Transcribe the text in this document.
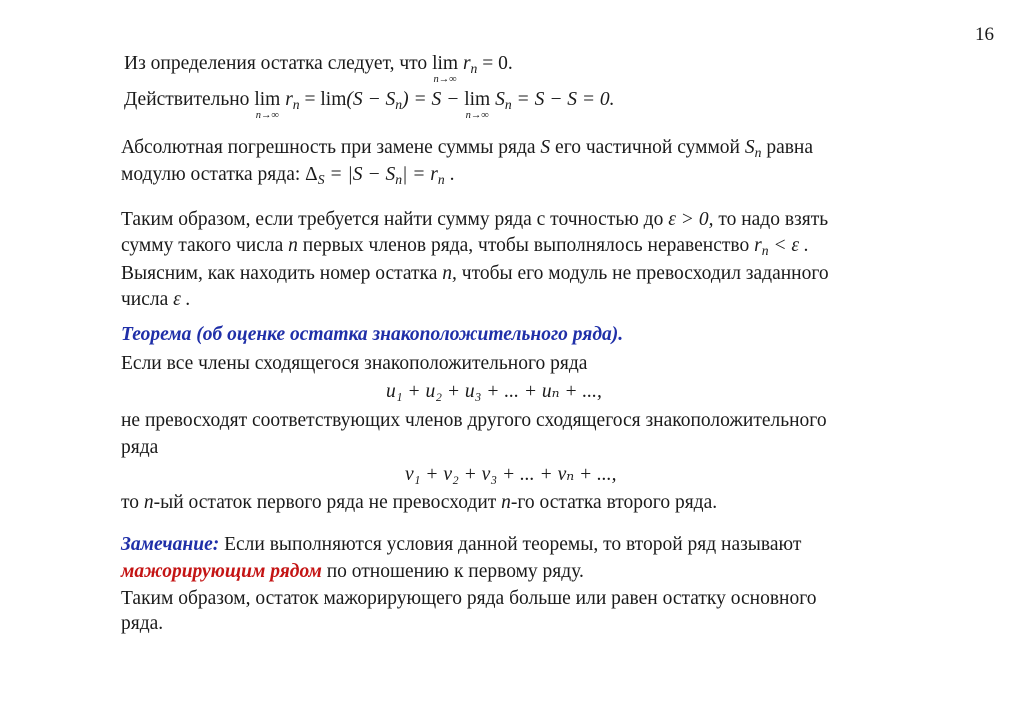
16
Из определения остатка следует, что lim
n→∞
$r_n = 0$.
Действительно lim
n→∞
$r_n = \lim(S - S_n) = S - \lim$
n→∞
$S_n = S - S = 0$.
Абсолютная погрешность при замене суммы ряда S его частичной суммой $S_n$ равна
модулю остатка ряда: $\Delta_S = |S - S_n| = r_n$ .
Таким образом, если требуется найти сумму ряда с точностью до ε > 0, то надо взять
сумму такого числа n первых членов ряда, чтобы выполнялось неравенство $r_n < \varepsilon$ .
Выясним, как находить номер остатка n, чтобы его модуль не превосходил заданного
числа ε .
Теорема (об оценке остатка знакоположительного ряда).
Если все члены сходящегося знакоположительного ряда
u₁ + u₂ + u₃ + ... + uₙ + ...,
не превосходят соответствующих членов другого сходящегося знакоположительного
ряда
v₁ + v₂ + v₃ + ... + vₙ + ...,
то n-ый остаток первого ряда не превосходит n-го остатка второго ряда.
Замечание: Если выполняются условия данной теоремы, то второй ряд называют
мажорирующим рядом по отношению к первому ряду.
Таким образом, остаток мажорирующего ряда больше или равен остатку основного
ряда.
